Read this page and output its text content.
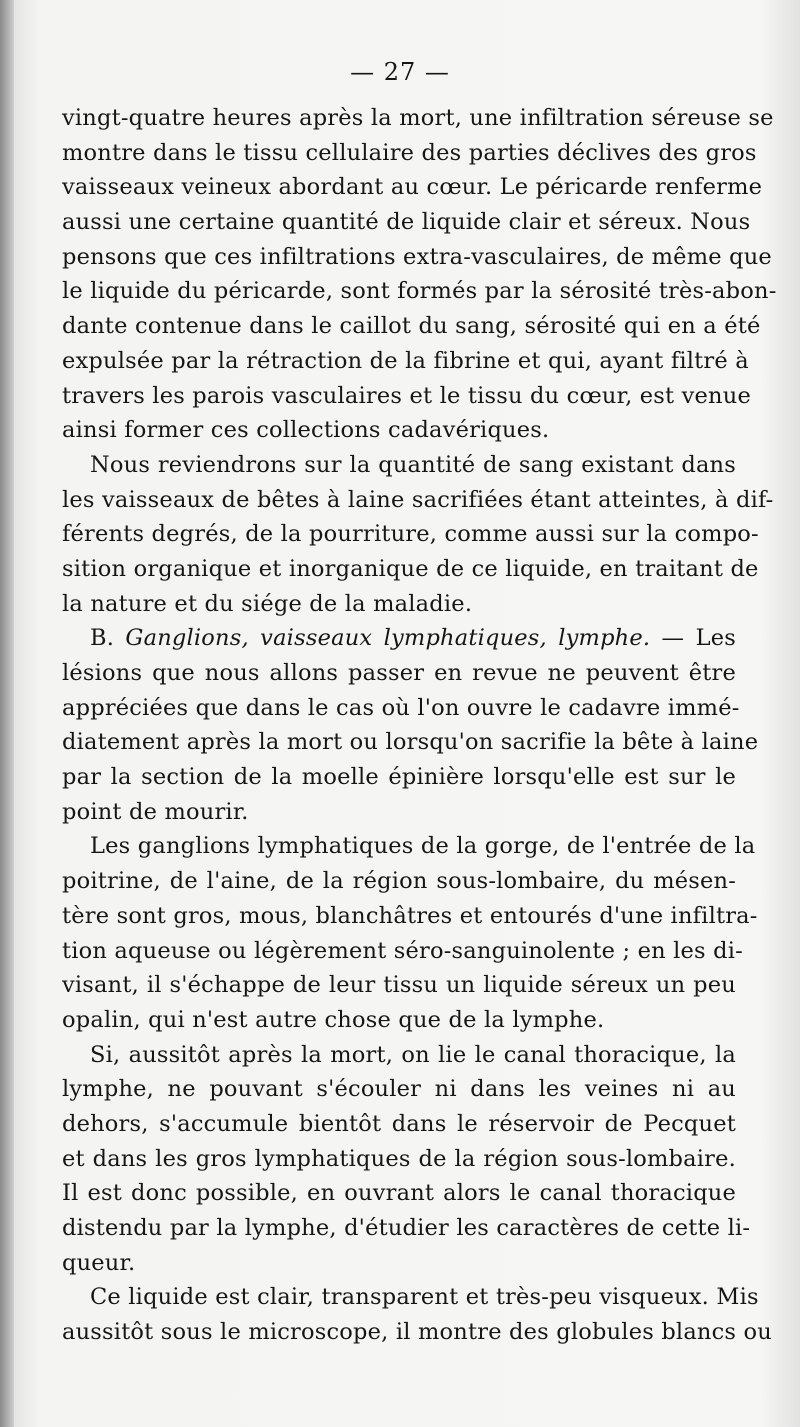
— 27 —
vingt-quatre heures après la mort, une infiltration séreuse se
montre dans le tissu cellulaire des parties déclives des gros
vaisseaux veineux abordant au cœur. Le péricarde renferme
aussi une certaine quantité de liquide clair et séreux. Nous
pensons que ces infiltrations extra-vasculaires, de même que
le liquide du péricarde, sont formés par la sérosité très-abon-
dante contenue dans le caillot du sang, sérosité qui en a été
expulsée par la rétraction de la fibrine et qui, ayant filtré à
travers les parois vasculaires et le tissu du cœur, est venue
ainsi former ces collections cadavériques.
Nous reviendrons sur la quantité de sang existant dans
les vaisseaux de bêtes à laine sacrifiées étant atteintes, à dif-
férents degrés, de la pourriture, comme aussi sur la compo-
sition organique et inorganique de ce liquide, en traitant de
la nature et du siége de la maladie.
B. Ganglions, vaisseaux lymphatiques, lymphe. — Les
lésions que nous allons passer en revue ne peuvent être
appréciées que dans le cas où l'on ouvre le cadavre immé-
diatement après la mort ou lorsqu'on sacrifie la bête à laine
par la section de la moelle épinière lorsqu'elle est sur le
point de mourir.
Les ganglions lymphatiques de la gorge, de l'entrée de la
poitrine, de l'aine, de la région sous-lombaire, du mésen-
tère sont gros, mous, blanchâtres et entourés d'une infiltra-
tion aqueuse ou légèrement séro-sanguinolente ; en les di-
visant, il s'échappe de leur tissu un liquide séreux un peu
opalin, qui n'est autre chose que de la lymphe.
Si, aussitôt après la mort, on lie le canal thoracique, la
lymphe, ne pouvant s'écouler ni dans les veines ni au
dehors, s'accumule bientôt dans le réservoir de Pecquet
et dans les gros lymphatiques de la région sous-lombaire.
Il est donc possible, en ouvrant alors le canal thoracique
distendu par la lymphe, d'étudier les caractères de cette li-
queur.
Ce liquide est clair, transparent et très-peu visqueux. Mis
aussitôt sous le microscope, il montre des globules blancs ou
